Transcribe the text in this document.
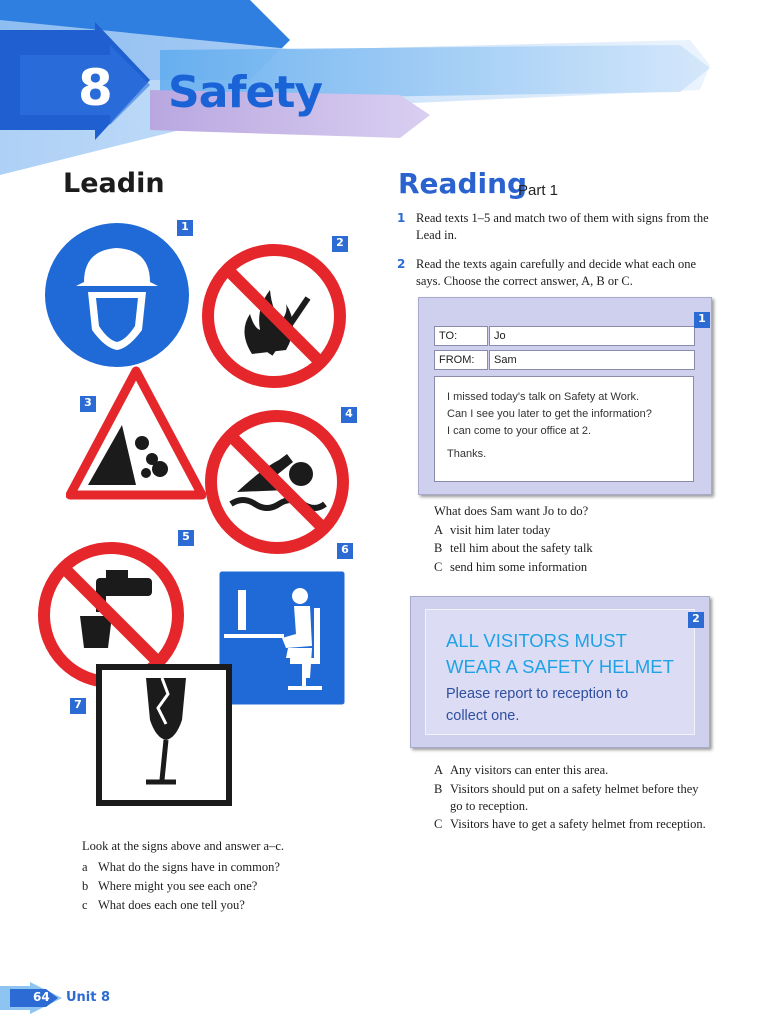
8 Safety
Leadin
1
2
3
4
5
6
7
Look at the signs above and answer a–c.
a What do the signs have in common?
b Where might you see each one?
c What does each one tell you?
Reading
Part 1
1 Read texts 1–5 and match two of them with signs from the Lead in.
2 Read the texts again carefully and decide what each one says. Choose the correct answer, A, B or C.
TO:	Jo
FROM:	Sam
I missed today's talk on Safety at Work.
Can I see you later to get the information?
I can come to your office at 2.
Thanks.
1
What does Sam want Jo to do?
A visit him later today
B tell him about the safety talk
C send him some information
ALL VISITORS MUST
WEAR A SAFETY HELMET
Please report to reception to
collect one.
2
A Any visitors can enter this area.
B Visitors should put on a safety helmet before they go to reception.
C Visitors have to get a safety helmet from reception.
64 Unit 8
